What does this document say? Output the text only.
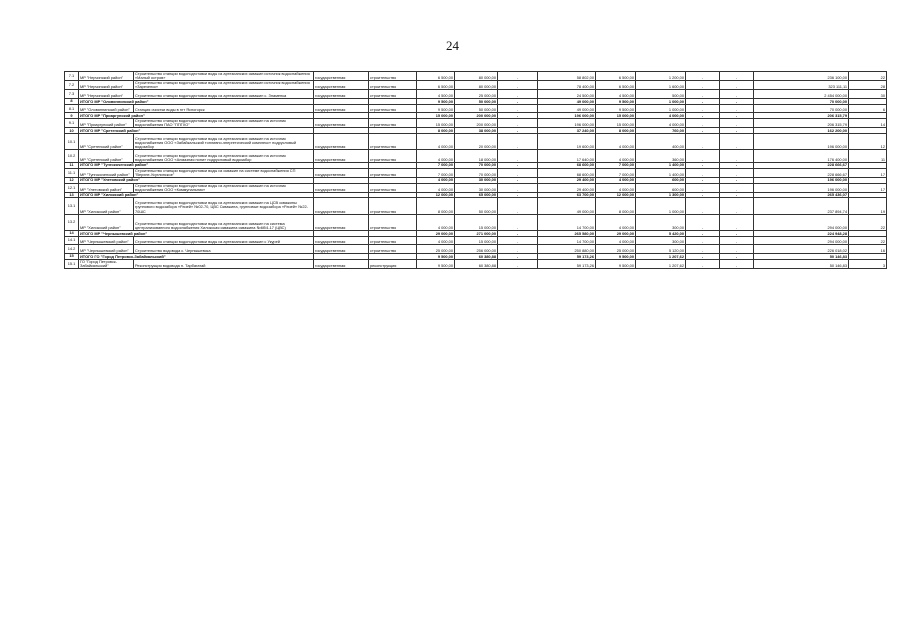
24
7.1	МР "Нерчинский район"	Строительство станции водоподготовки воды из артезианских скважин источник водоснабжения «Малый остров»	государственная	строительство	6 500,00	80 000,00	-	58 802,00	6 500,00	1 200,00	-	-	236 100,00	22
7.2	МР "Нерчинский район"	Строительство станции водоподготовки воды из артезианских скважин источник водоснабжения «Зареченск»	государственная	строительство	6 500,00	80 000,00	-	78 400,00	6 500,00	1 600,00	-	-	323 111,11	28
7.3	МР "Нерчинский район"	Строительство станции водоподготовки воды из артезианских скважин с. Знаменка	государственная	строительство	4 500,00	25 000,00	-	24 500,00	4 500,00	500,00	-	-	2 454 000,00	30
8	ИТОГО МР "Оловяннинский район"				9 500,00	50 000,00	-	49 000,00	9 500,00	1 000,00	-	-	70 000,00	
8.1	МР "Оловяннинский район"	Станция очистки воды в пгт Ясногорск	государственная	строительство	9 500,00	50 000,00	-	49 000,00	9 500,00	1 000,00	-	-	70 000,00	6
9	ИТОГО МР "Приаргунский район"				15 000,00	200 000,00	-	196 000,00	15 000,00	4 000,00	-	-	206 315,79	
9.1	МР "Приаргунский район"	Строительство станции водоподготовки воды из артезианских скважин на источник водоснабжения ПАО "ППГХО"	государственная	строительство	15 000,00	200 000,00	-	196 000,00	15 000,00	4 000,00	-	-	206 315,79	14
10	ИТОГО МР "Сретенский район"				8 000,00	38 000,00	-	37 240,00	8 000,00	760,00	-	-	162 200,00	
10.1	МР "Сретенский район"	Строительство станции водоподготовки воды из артезианских скважин на источник водоснабжения ООО «Забайкальский топливно-энергетический комплекс» подрусловый водозабор	государственная	строительство	4 000,00	20 000,00	-	19 600,00	4 000,00	400,00	-	-	196 000,00	12
10.2	МР "Сретенский район"	Строительство станции водоподготовки воды из артезианских скважин на источник водоснабжения ООО «Алмазная пони» подрусловый водозабор	государственная	строительство	4 000,00	18 000,00	-	17 640,00	4 000,00	360,00	-	-	176 400,00	11
11	ИТОГО МР "Тунгокоченский район"				7 000,00	70 000,00	-	68 600,00	7 000,00	1 400,00	-	-	228 666,67	
11.1	МР "Тунгокоченский район"	Строительство станции водоподготовки воды из скважин на системе водоснабжения СП "Верхне-Усуглинское"	государственная	строительство	7 000,00	70 000,00	-	68 600,00	7 000,00	1 400,00	-	-	228 666,67	17
12	ИТОГО МР "Улетовский район"				4 000,00	30 000,00	-	29 400,00	4 000,00	600,00	-	-	196 000,00	
12.1	МР "Улетовский район"	Строительство станции водоподготовки воды из артезианских скважин на источник водоснабжения ООО «Коммунальник»	государственная	строительство	4 000,00	30 000,00	-	29 400,00	4 000,00	600,00	-	-	196 000,00	17
13	ИТОГО МР "Хилокский район"				12 000,00	65 000,00	-	63 700,00	12 000,00	1 300,00	-	-	265 436,07	
13.1	МР "Хилокский район"	Строительство станции водоподготовки воды из артезианских скважин на ЦСВ скважины группового водозабора «Рачей» №02-70, ЦВС Скважина, групповые водозабора «Рачей» №22-70ШС	государственная	строительство	8 000,00	50 000,00	-	49 000,00	8 000,00	1 000,00	-	-	237 894,74	19
13.2	МР "Хилокский район"	Строительство станции водоподготовки воды из артезианских скважин на система централизованного водоснабжения Хилокская скважина скважина №6б/4-17 (ЦВС)	государственная	строительство	4 000,00	15 000,00	-	14 700,00	4 000,00	300,00	-	-	294 000,00	22
14	ИТОГО МР "Чернышевский район"				29 000,00	271 000,00	-	265 580,00	29 000,00	5 420,00	-	-	224 948,28	
14.1	МР "Чернышевский район"	Строительство станции водоподготовки воды из артезианских скважин с Укурей	государственная	строительство	4 000,00	15 000,00	-	14 700,00	4 000,00	300,00	-	-	294 000,00	22
14.2	МР "Чернышевский район"	Строительство водовода с. Чернышевска	государственная	строительство	25 000,00	256 000,00	-	250 880,00	25 000,00	5 120,00	-	-	226 018,02	16
15	ИТОГО ГО "Город Петровск-Забайкальский"				9 500,00	60 380,88	-	59 173,26	9 500,00	1 207,62	-	-	50 146,83	
15.1	ГО "Город Петровск-Забайкальский"	Реконструкция водовода п. Тарбагатай	государственная	реконструкция	9 500,00	60 380,88	-	59 173,26	9 500,00	1 207,62	-	-	50 146,83	3
